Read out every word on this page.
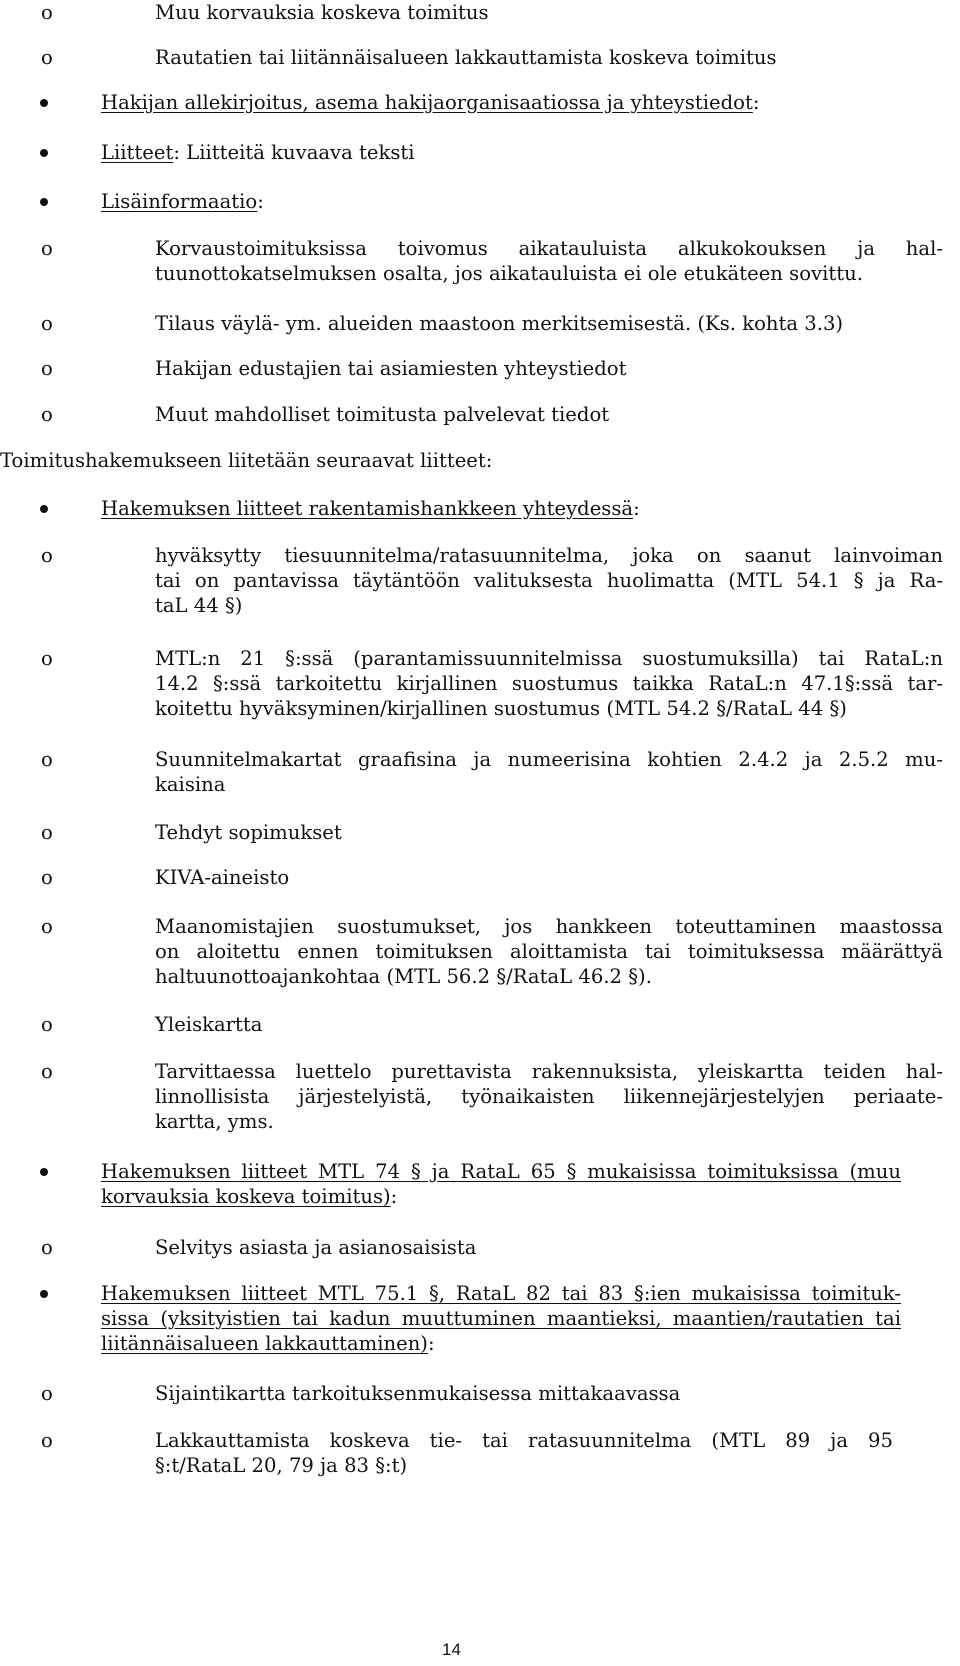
o	Muu korvauksia koskeva toimitus
o	Rautatien tai liitännäisalueen lakkauttamista koskeva toimitus
Hakijan allekirjoitus, asema hakijaorganisaatiossa ja yhteystiedot:
Liitteet: Liitteitä kuvaava teksti
Lisäinformaatio:
o	Korvaustoimituksissa toivomus aikatauluista alkukokouksen ja hal-
tuunottokatselmuksen osalta, jos aikatauluista ei ole etukäteen sovittu.
o	Tilaus väylä- ym. alueiden maastoon merkitsemisestä. (Ks. kohta 3.3)
o	Hakijan edustajien tai asiamiesten yhteystiedot
o	Muut mahdolliset toimitusta palvelevat tiedot
Toimitushakemukseen liitetään seuraavat liitteet:
Hakemuksen liitteet rakentamishankkeen yhteydessä:
o	hyväksytty tiesuunnitelma/ratasuunnitelma, joka on saanut lainvoiman
tai on pantavissa täytäntöön valituksesta huolimatta (MTL 54.1 § ja Ra-
taL 44 §)
o	MTL:n 21 §:ssä (parantamissuunnitelmissa suostumuksilla) tai RataL:n
14.2 §:ssä tarkoitettu kirjallinen suostumus taikka RataL:n 47.1§:ssä tar-
koitettu hyväksyminen/kirjallinen suostumus (MTL 54.2 §/RataL 44 §)
o	Suunnitelmakartat graafisina ja numeerisina kohtien 2.4.2 ja 2.5.2 mu-
kaisina
o	Tehdyt sopimukset
o	KIVA-aineisto
o	Maanomistajien suostumukset, jos hankkeen toteuttaminen maastossa
on aloitettu ennen toimituksen aloittamista tai toimituksessa määrättyä
haltuunottoajankohtaa (MTL 56.2 §/RataL 46.2 §).
o	Yleiskartta
o	Tarvittaessa luettelo purettavista rakennuksista, yleiskartta teiden hal-
linnollisista järjestelyistä, työnaikaisten liikennejärjestelyjen periaate-
kartta, yms.
Hakemuksen liitteet MTL 74 § ja RataL 65 § mukaisissa toimituksissa (muu
korvauksia koskeva toimitus):
o	Selvitys asiasta ja asianosaisista
Hakemuksen liitteet MTL 75.1 §, RataL 82 tai 83 §:ien mukaisissa toimituk-
sissa (yksityistien tai kadun muuttuminen maantieksi, maantien/rautatien tai
liitännäisalueen lakkauttaminen):
o	Sijaintikartta tarkoituksenmukaisessa mittakaavassa
o	Lakkauttamista koskeva tie- tai ratasuunnitelma (MTL 89 ja 95
§:t/RataL 20, 79 ja 83 §:t)
14
